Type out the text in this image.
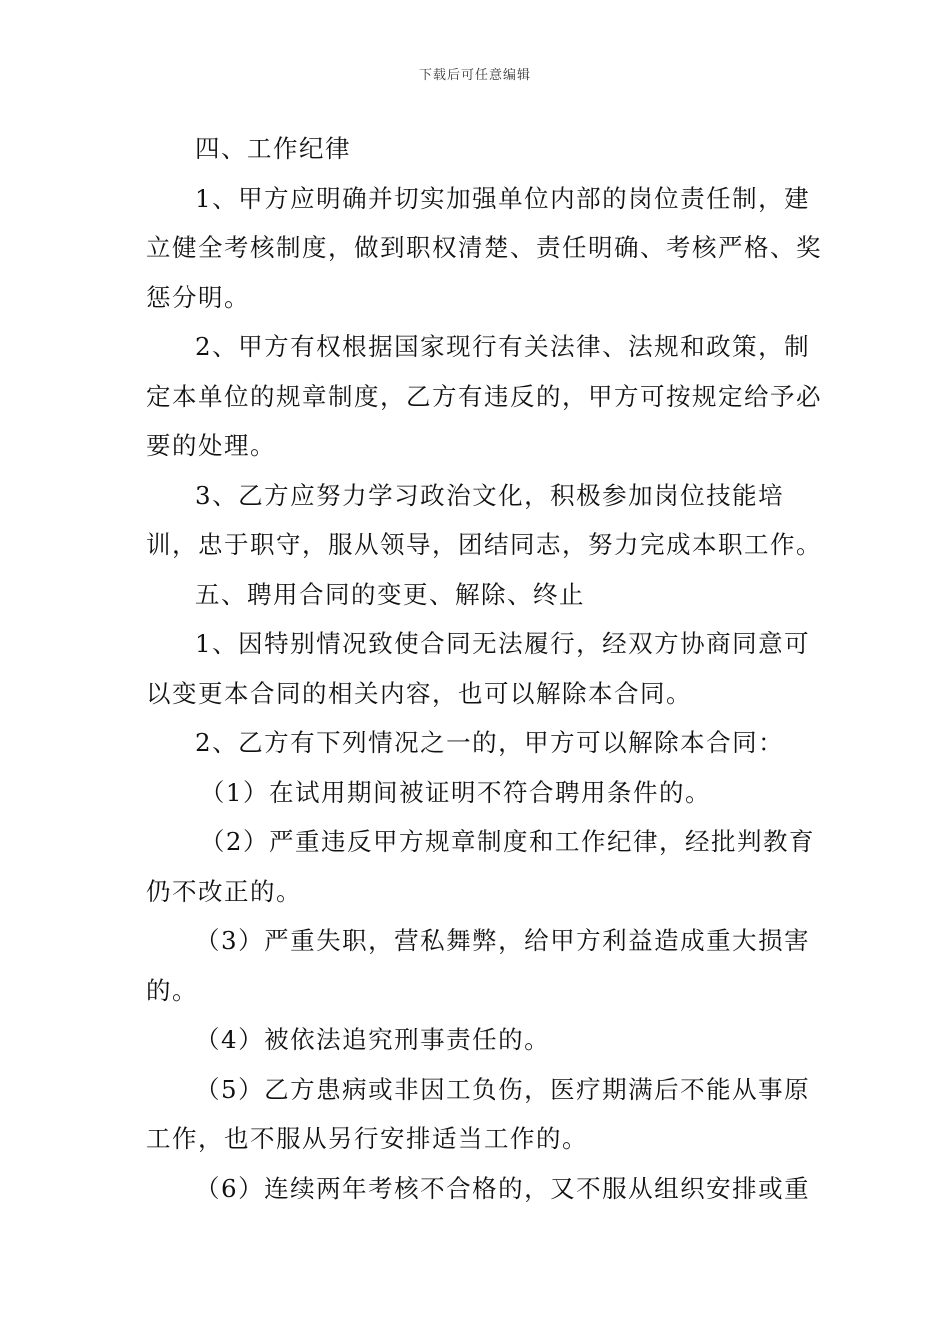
下载后可任意编辑

四、工作纪律

1、甲方应明确并切实加强单位内部的岗位责任制，建立健全考核制度，做到职权清楚、责任明确、考核严格、奖惩分明。

2、甲方有权根据国家现行有关法律、法规和政策，制定本单位的规章制度，乙方有违反的，甲方可按规定给予必要的处理。

3、乙方应努力学习政治文化，积极参加岗位技能培训，忠于职守，服从领导，团结同志，努力完成本职工作。

五、聘用合同的变更、解除、终止

1、因特别情况致使合同无法履行，经双方协商同意可以变更本合同的相关内容，也可以解除本合同。

2、乙方有下列情况之一的，甲方可以解除本合同：

（1）在试用期间被证明不符合聘用条件的。

（2）严重违反甲方规章制度和工作纪律，经批判教育仍不改正的。

（3）严重失职，营私舞弊，给甲方利益造成重大损害的。

（4）被依法追究刑事责任的。

（5）乙方患病或非因工负伤，医疗期满后不能从事原工作，也不服从另行安排适当工作的。

（6）连续两年考核不合格的，又不服从组织安排或重
